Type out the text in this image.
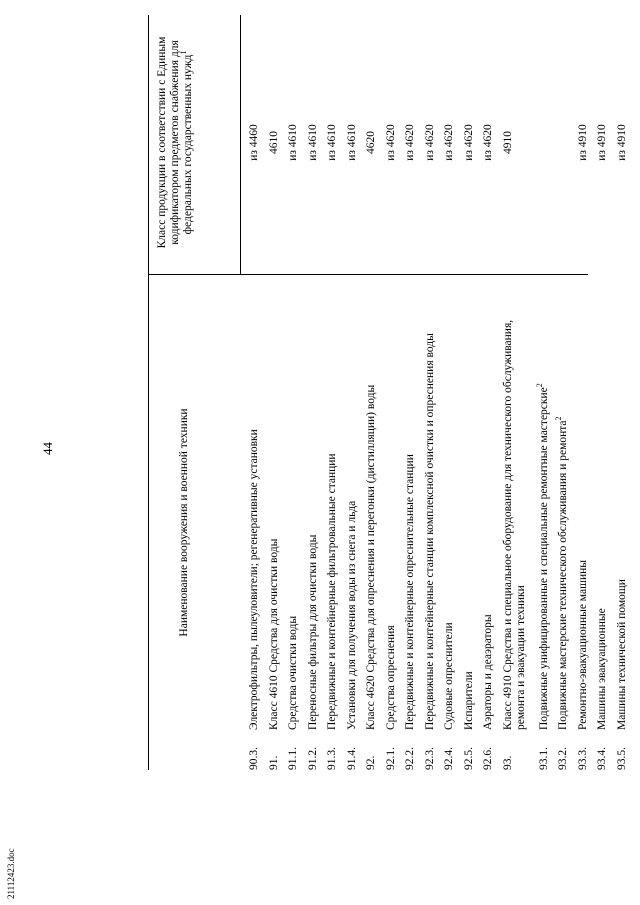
21112423.doc
44	Наименование вооружения и военной техники
Класс продукции в соответствии с Единым кодификатором предметов снабжения для федеральных государственных нужд$^1$
90.3.
Электрофильтры, пылеуловители; регенеративные установки
из 4460
91.
Класс 4610 Средства для очистки воды
4610
91.1.
Средства очистки воды
из 4610
91.2.
Переносные фильтры для очистки воды
из 4610
91.3.
Передвижные и контейнерные фильтровальные станции
из 4610
91.4.
Установки для получения воды из снега и льда
из 4610
92.
Класс 4620 Средства для опреснения и перегонки (дистилляции) воды
4620
92.1.
Средства опреснения
из 4620
92.2.
Передвижные и контейнерные опреснительные станции
из 4620
92.3.
Передвижные и контейнерные станции комплексной очистки и опреснения воды
из 4620
92.4.
Судовые опреснители
из 4620
92.5.
Испарители
из 4620
92.6.
Аэраторы и деаэраторы
из 4620
93.
Класс 4910 Средства и специальное оборудование для технического обслуживания, ремонта и эвакуации техники
4910
93.1.
Подвижные унифицированные и специальные ремонтные мастерские$^2$
93.2.
Подвижные мастерские технического обслуживания и ремонта$^2$
93.3.
Ремонтно-эвакуационные машины
из 4910
93.4.
Машины эвакуационные
из 4910
93.5.
Машины технической помощи
из 4910
